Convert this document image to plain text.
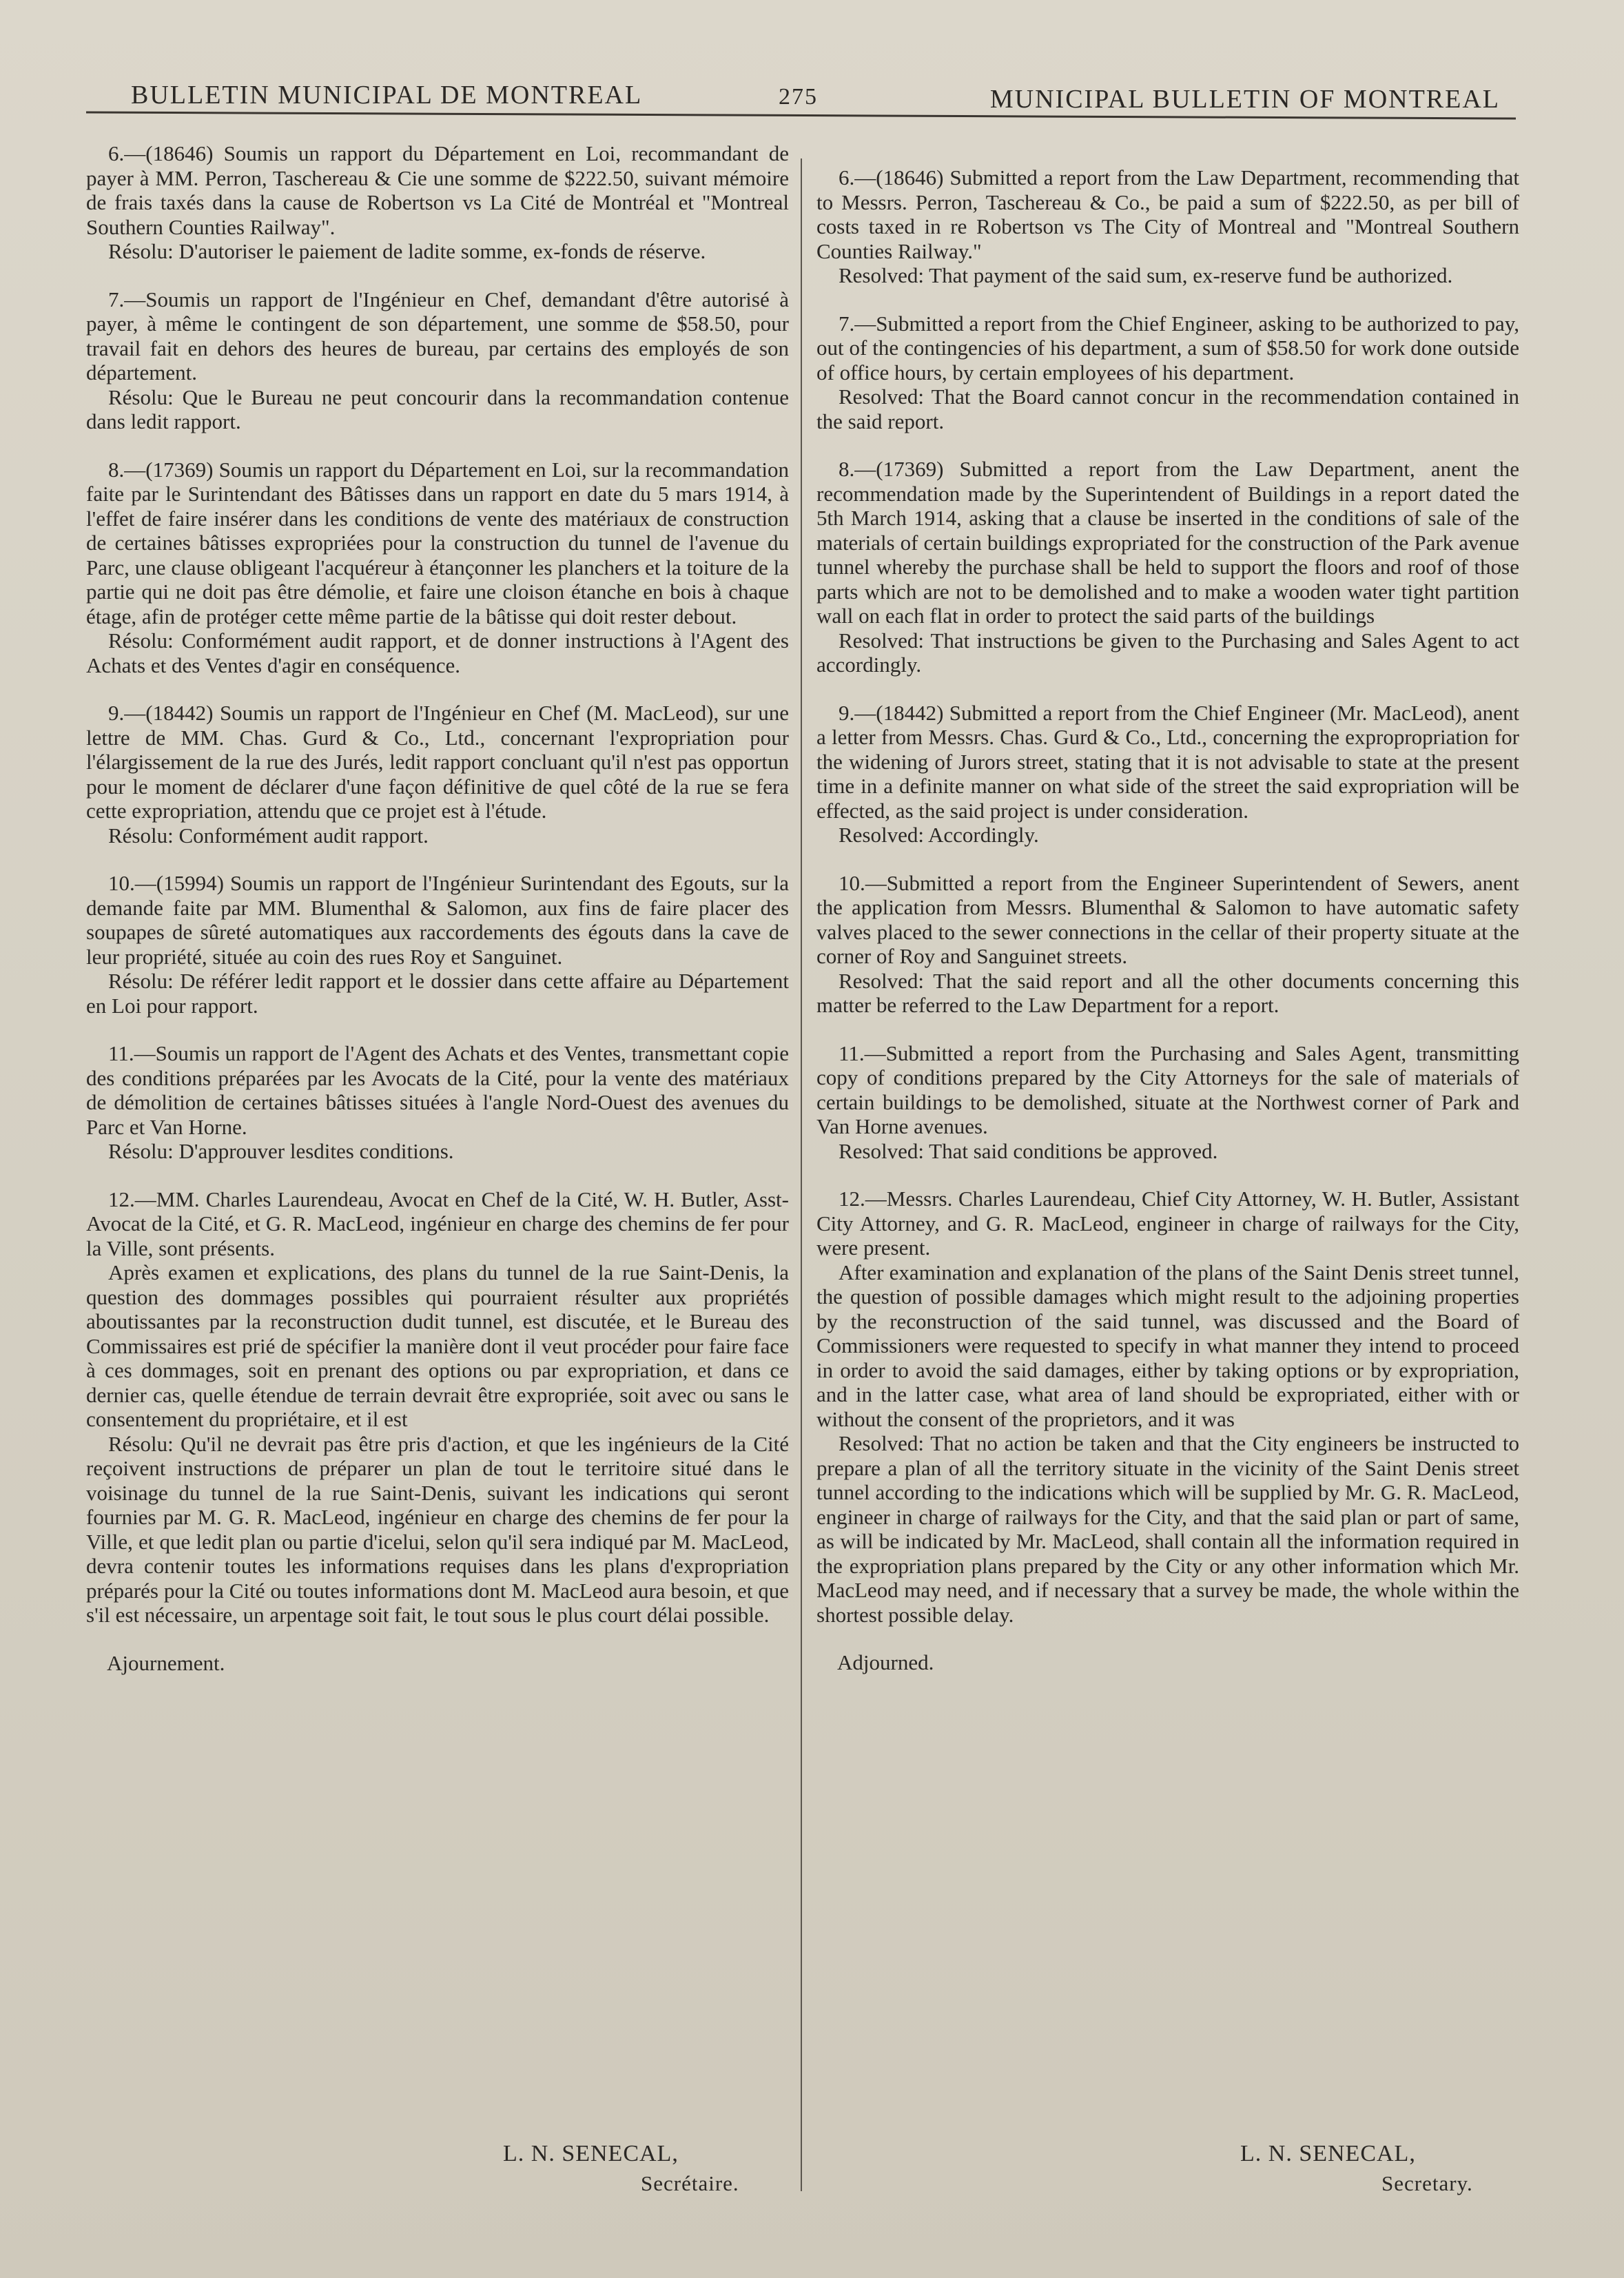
BULLETIN MUNICIPAL DE MONTREAL	275	MUNICIPAL BULLETIN OF MONTREAL

6.—(18646) Soumis un rapport du Département en Loi, recommandant de payer à MM. Perron, Taschereau & Cie une somme de $222.50, suivant mémoire de frais taxés dans la cause de Robertson vs La Cité de Montréal et "Montreal Southern Counties Railway".

Résolu: D'autoriser le paiement de ladite somme, ex-fonds de réserve.

7.—Soumis un rapport de l'Ingénieur en Chef, demandant d'être autorisé à payer, à même le contingent de son département, une somme de $58.50, pour travail fait en dehors des heures de bureau, par certains des employés de son département.

Résolu: Que le Bureau ne peut concourir dans la recommandation contenue dans ledit rapport.

8.—(17369) Soumis un rapport du Département en Loi, sur la recommandation faite par le Surintendant des Bâtisses dans un rapport en date du 5 mars 1914, à l'effet de faire insérer dans les conditions de vente des matériaux de construction de certaines bâtisses expropriées pour la construction du tunnel de l'avenue du Parc, une clause obligeant l'acquéreur à étançonner les planchers et la toiture de la partie qui ne doit pas être démolie, et faire une cloison étanche en bois à chaque étage, afin de protéger cette même partie de la bâtisse qui doit rester debout.

Résolu: Conformément audit rapport, et de donner instructions à l'Agent des Achats et des Ventes d'agir en conséquence.

9.—(18442) Soumis un rapport de l'Ingénieur en Chef (M. MacLeod), sur une lettre de MM. Chas. Gurd & Co., Ltd., concernant l'expropriation pour l'élargissement de la rue des Jurés, ledit rapport concluant qu'il n'est pas opportun pour le moment de déclarer d'une façon définitive de quel côté de la rue se fera cette expropriation, attendu que ce projet est à l'étude.

Résolu: Conformément audit rapport.

10.—(15994) Soumis un rapport de l'Ingénieur Surintendant des Egouts, sur la demande faite par MM. Blumenthal & Salomon, aux fins de faire placer des soupapes de sûreté automatiques aux raccordements des égouts dans la cave de leur propriété, située au coin des rues Roy et Sanguinet.

Résolu: De référer ledit rapport et le dossier dans cette affaire au Département en Loi pour rapport.

11.—Soumis un rapport de l'Agent des Achats et des Ventes, transmettant copie des conditions préparées par les Avocats de la Cité, pour la vente des matériaux de démolition de certaines bâtisses situées à l'angle Nord-Ouest des avenues du Parc et Van Horne.

Résolu: D'approuver lesdites conditions.

12.—MM. Charles Laurendeau, Avocat en Chef de la Cité, W. H. Butler, Asst-Avocat de la Cité, et G. R. MacLeod, ingénieur en charge des chemins de fer pour la Ville, sont présents.

Après examen et explications, des plans du tunnel de la rue Saint-Denis, la question des dommages possibles qui pourraient résulter aux propriétés aboutissantes par la reconstruction dudit tunnel, est discutée, et le Bureau des Commissaires est prié de spécifier la manière dont il veut procéder pour faire face à ces dommages, soit en prenant des options ou par expropriation, et dans ce dernier cas, quelle étendue de terrain devrait être expropriée, soit avec ou sans le consentement du propriétaire, et il est

Résolu: Qu'il ne devrait pas être pris d'action, et que les ingénieurs de la Cité reçoivent instructions de préparer un plan de tout le territoire situé dans le voisinage du tunnel de la rue Saint-Denis, suivant les indications qui seront fournies par M. G. R. MacLeod, ingénieur en charge des chemins de fer pour la Ville, et que ledit plan ou partie d'icelui, selon qu'il sera indiqué par M. MacLeod, devra contenir toutes les informations requises dans les plans d'expropriation préparés pour la Cité ou toutes informations dont M. MacLeod aura besoin, et que s'il est nécessaire, un arpentage soit fait, le tout sous le plus court délai possible.

Ajournement.

6.—(18646) Submitted a report from the Law Department, recommending that to Messrs. Perron, Taschereau & Co., be paid a sum of $222.50, as per bill of costs taxed in re Robertson vs The City of Montreal and "Montreal Southern Counties Railway."

Resolved: That payment of the said sum, ex-reserve fund be authorized.

7.—Submitted a report from the Chief Engineer, asking to be authorized to pay, out of the contingencies of his department, a sum of $58.50 for work done outside of office hours, by certain employees of his department.

Resolved: That the Board cannot concur in the recommendation contained in the said report.

8.—(17369) Submitted a report from the Law Department, anent the recommendation made by the Superintendent of Buildings in a report dated the 5th March 1914, asking that a clause be inserted in the conditions of sale of the materials of certain buildings expropriated for the construction of the Park avenue tunnel whereby the purchase shall be held to support the floors and roof of those parts which are not to be demolished and to make a wooden water tight partition wall on each flat in order to protect the said parts of the buildings

Resolved: That instructions be given to the Purchasing and Sales Agent to act accordingly.

9.—(18442) Submitted a report from the Chief Engineer (Mr. MacLeod), anent a letter from Messrs. Chas. Gurd & Co., Ltd., concerning the expropropriation for the widening of Jurors street, stating that it is not advisable to state at the present time in a definite manner on what side of the street the said expropriation will be effected, as the said project is under consideration.

Resolved: Accordingly.

10.—Submitted a report from the Engineer Superintendent of Sewers, anent the application from Messrs. Blumenthal & Salomon to have automatic safety valves placed to the sewer connections in the cellar of their property situate at the corner of Roy and Sanguinet streets.

Resolved: That the said report and all the other documents concerning this matter be referred to the Law Department for a report.

11.—Submitted a report from the Purchasing and Sales Agent, transmitting copy of conditions prepared by the City Attorneys for the sale of materials of certain buildings to be demolished, situate at the Northwest corner of Park and Van Horne avenues.

Resolved: That said conditions be approved.

12.—Messrs. Charles Laurendeau, Chief City Attorney, W. H. Butler, Assistant City Attorney, and G. R. MacLeod, engineer in charge of railways for the City, were present.

After examination and explanation of the plans of the Saint Denis street tunnel, the question of possible damages which might result to the adjoining properties by the reconstruction of the said tunnel, was discussed and the Board of Commissioners were requested to specify in what manner they intend to proceed in order to avoid the said damages, either by taking options or by expropriation, and in the latter case, what area of land should be expropriated, either with or without the consent of the proprietors, and it was

Resolved: That no action be taken and that the City engineers be instructed to prepare a plan of all the territory situate in the vicinity of the Saint Denis street tunnel according to the indications which will be supplied by Mr. G. R. MacLeod, engineer in charge of railways for the City, and that the said plan or part of same, as will be indicated by Mr. MacLeod, shall contain all the information required in the expropriation plans prepared by the City or any other information which Mr. MacLeod may need, and if necessary that a survey be made, the whole within the shortest possible delay.

Adjourned.

L. N. SENECAL,
Secrétaire.
L. N. SENECAL,
Secretary.
